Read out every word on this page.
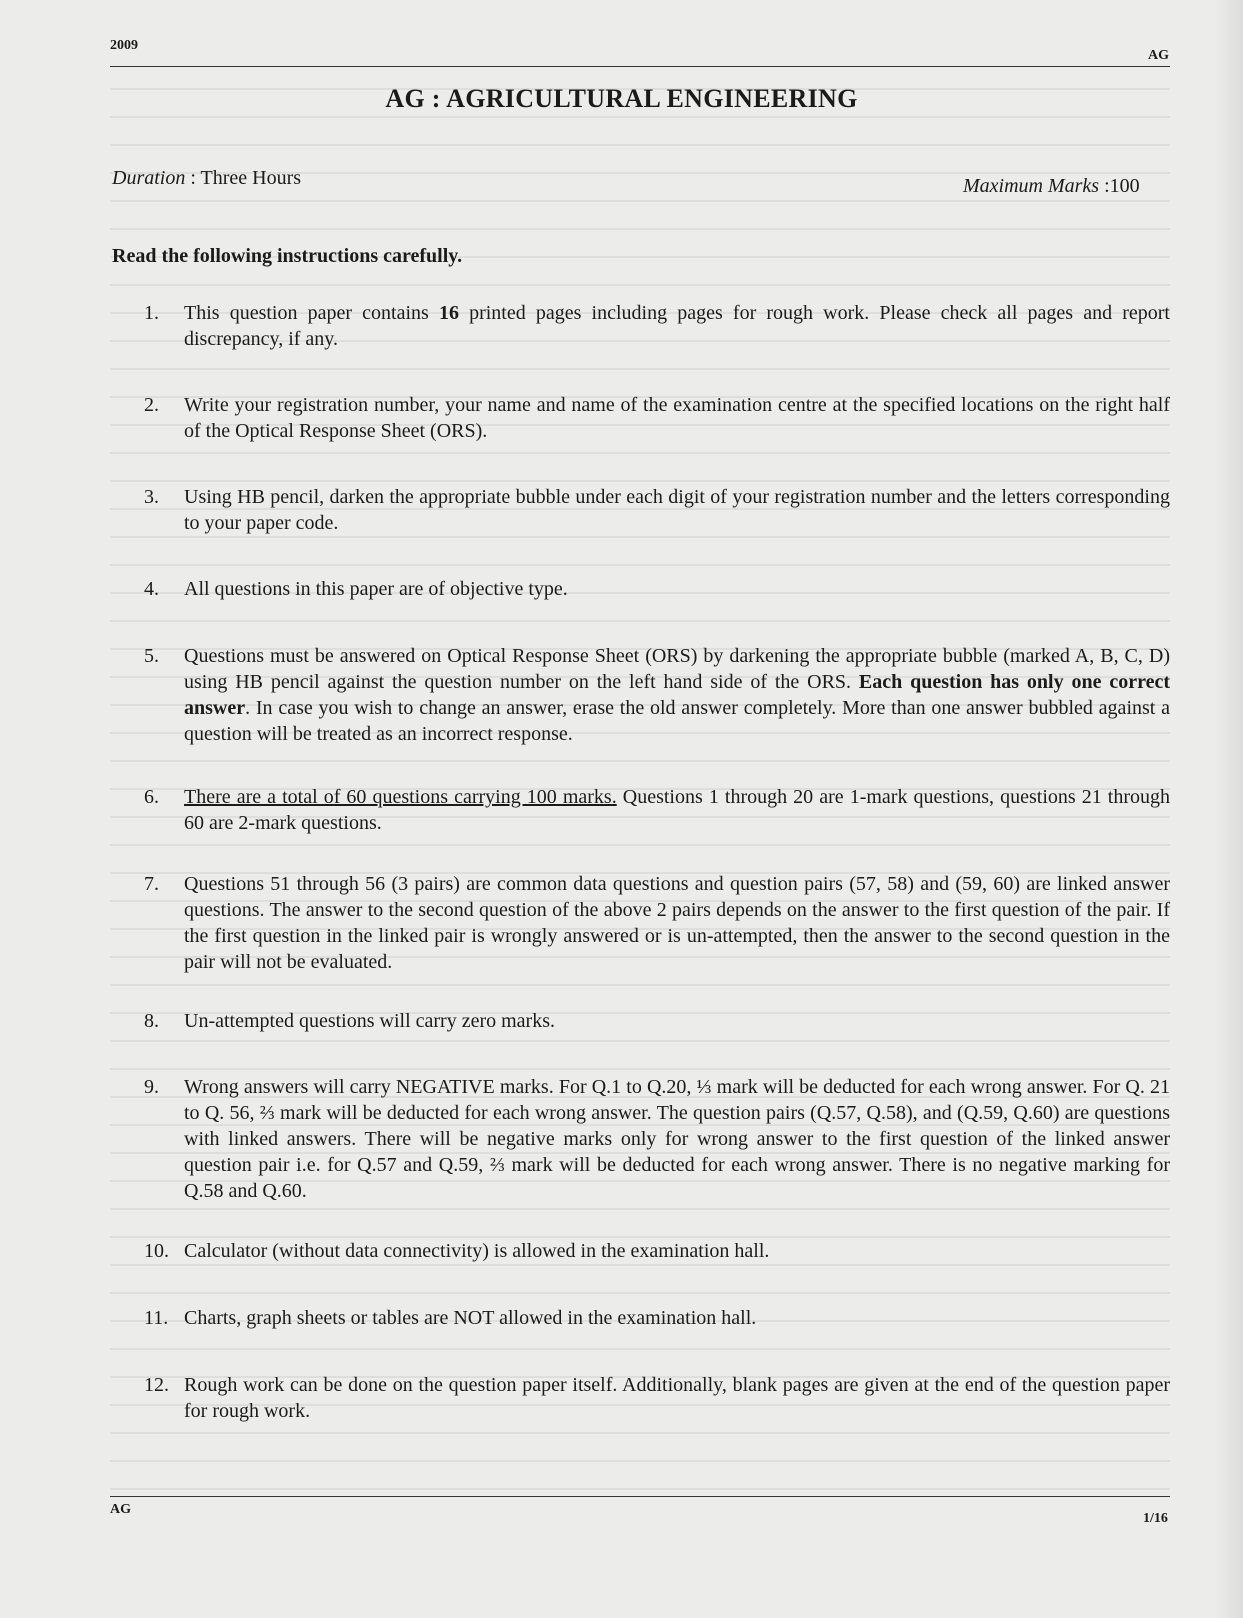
2009
AG
AG : AGRICULTURAL ENGINEERING
Duration : Three Hours	Maximum Marks :100
Read the following instructions carefully.
1.	This question paper contains 16 printed pages including pages for rough work. Please check all pages and report discrepancy, if any.
2.	Write your registration number, your name and name of the examination centre at the specified locations on the right half of the Optical Response Sheet (ORS).
3.	Using HB pencil, darken the appropriate bubble under each digit of your registration number and the letters corresponding to your paper code.
4.	All questions in this paper are of objective type.
5.	Questions must be answered on Optical Response Sheet (ORS) by darkening the appropriate bubble (marked A, B, C, D) using HB pencil against the question number on the left hand side of the ORS. Each question has only one correct answer. In case you wish to change an answer, erase the old answer completely. More than one answer bubbled against a question will be treated as an incorrect response.
6.	There are a total of 60 questions carrying 100 marks. Questions 1 through 20 are 1-mark questions, questions 21 through 60 are 2-mark questions.
7.	Questions 51 through 56 (3 pairs) are common data questions and question pairs (57, 58) and (59, 60) are linked answer questions. The answer to the second question of the above 2 pairs depends on the answer to the first question of the pair. If the first question in the linked pair is wrongly answered or is un-attempted, then the answer to the second question in the pair will not be evaluated.
8.	Un-attempted questions will carry zero marks.
9.	Wrong answers will carry NEGATIVE marks. For Q.1 to Q.20, ⅓ mark will be deducted for each wrong answer. For Q. 21 to Q. 56, ⅔ mark will be deducted for each wrong answer. The question pairs (Q.57, Q.58), and (Q.59, Q.60) are questions with linked answers. There will be negative marks only for wrong answer to the first question of the linked answer question pair i.e. for Q.57 and Q.59, ⅔ mark will be deducted for each wrong answer. There is no negative marking for Q.58 and Q.60.
10. Calculator (without data connectivity) is allowed in the examination hall.
11. Charts, graph sheets or tables are NOT allowed in the examination hall.
12. Rough work can be done on the question paper itself. Additionally, blank pages are given at the end of the question paper for rough work.
AG
1/16
